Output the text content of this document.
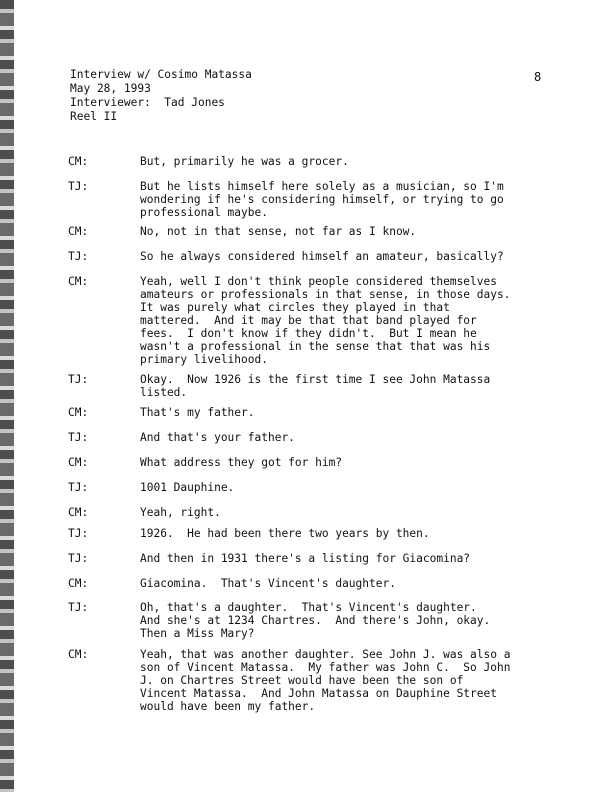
Interview w/ Cosimo Matassa
May 28, 1993
Interviewer:  Tad Jones
Reel II
8
CM:	But, primarily he was a grocer.
TJ:	But he lists himself here solely as a musician, so I'm
wondering if he's considering himself, or trying to go
professional maybe.
CM:	No, not in that sense, not far as I know.
TJ:	So he always considered himself an amateur, basically?
CM:	Yeah, well I don't think people considered themselves
amateurs or professionals in that sense, in those days.
It was purely what circles they played in that
mattered.  And it may be that that band played for
fees.  I don't know if they didn't.  But I mean he
wasn't a professional in the sense that that was his
primary livelihood.
TJ:	Okay.  Now 1926 is the first time I see John Matassa
listed.
CM:	That's my father.
TJ:	And that's your father.
CM:	What address they got for him?
TJ:	1001 Dauphine.
CM:	Yeah, right.
TJ:	1926.  He had been there two years by then.
TJ:	And then in 1931 there's a listing for Giacomina?
CM:	Giacomina.  That's Vincent's daughter.
TJ:	Oh, that's a daughter.  That's Vincent's daughter.
And she's at 1234 Chartres.  And there's John, okay.
Then a Miss Mary?
CM:	Yeah, that was another daughter. See John J. was also a
son of Vincent Matassa.  My father was John C.  So John
J. on Chartres Street would have been the son of
Vincent Matassa.  And John Matassa on Dauphine Street
would have been my father.
